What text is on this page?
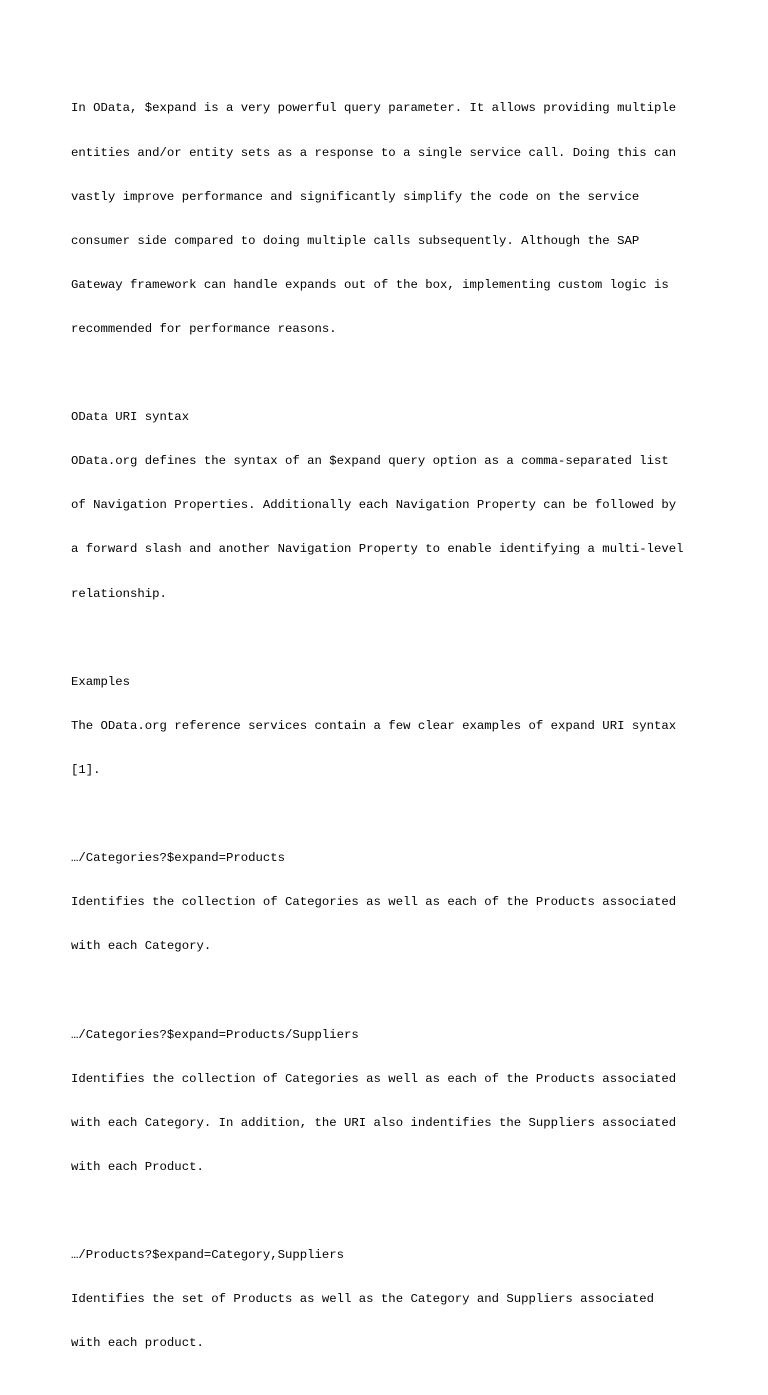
In OData, $expand is a very powerful query parameter. It allows providing multiple

entities and/or entity sets as a response to a single service call. Doing this can

vastly improve performance and significantly simplify the code on the service

consumer side compared to doing multiple calls subsequently. Although the SAP

Gateway framework can handle expands out of the box, implementing custom logic is

recommended for performance reasons.

OData URI syntax

OData.org defines the syntax of an $expand query option as a comma-separated list

of Navigation Properties. Additionally each Navigation Property can be followed by

a forward slash and another Navigation Property to enable identifying a multi-level

relationship.

Examples

The OData.org reference services contain a few clear examples of expand URI syntax

[1].

…/Categories?$expand=Products

Identifies the collection of Categories as well as each of the Products associated

with each Category.

…/Categories?$expand=Products/Suppliers

Identifies the collection of Categories as well as each of the Products associated

with each Category. In addition, the URI also indentifies the Suppliers associated

with each Product.

…/Products?$expand=Category,Suppliers

Identifies the set of Products as well as the Category and Suppliers associated

with each product.
